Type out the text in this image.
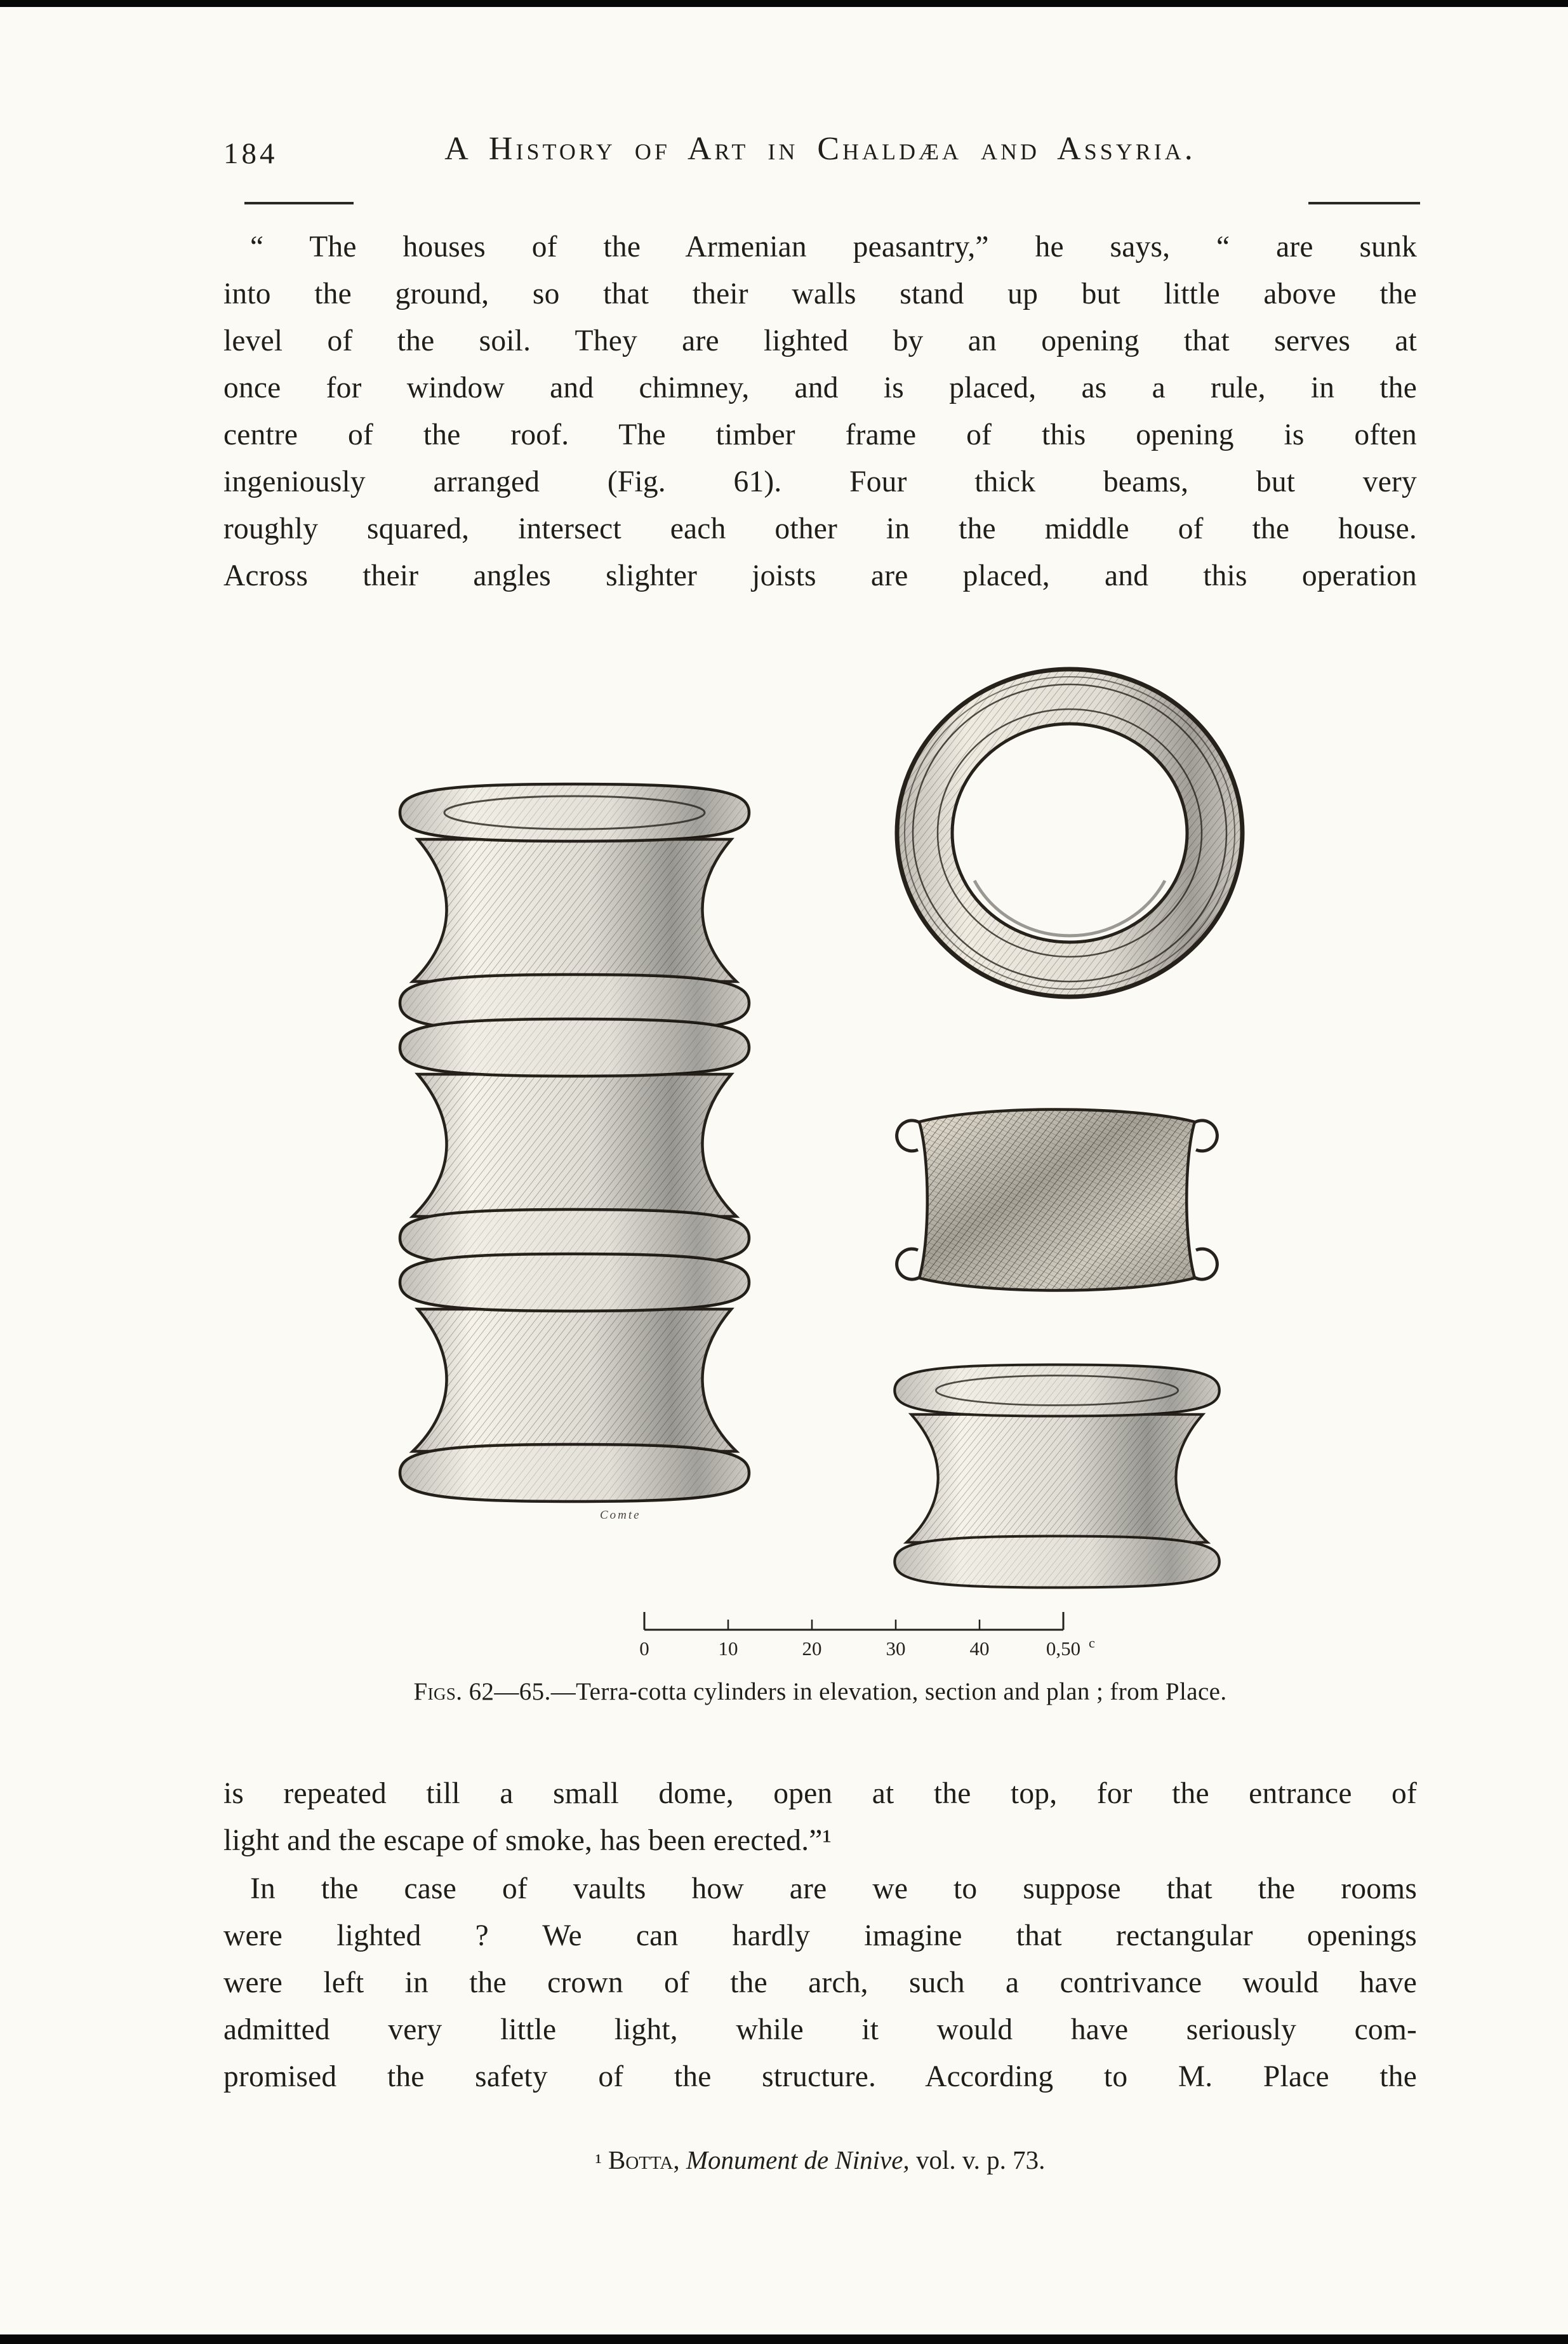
184	A History of Art in Chaldæa and Assyria.
“ The houses of the Armenian peasantry,” he says, “ are sunk
into the ground, so that their walls stand up but little above the
level of the soil. They are lighted by an opening that serves at
once for window and chimney, and is placed, as a rule, in the
centre of the roof. The timber frame of this opening is often
ingeniously arranged (Fig. 61). Four thick beams, but very
roughly squared, intersect each other in the middle of the house.
Across their angles slighter joists are placed, and this operation
Comte
0	10	20	30	40	0,50 c
Figs. 62—65.—Terra-cotta cylinders in elevation, section and plan ; from Place.
is repeated till a small dome, open at the top, for the entrance of
light and the escape of smoke, has been erected.”¹
In the case of vaults how are we to suppose that the rooms
were lighted ? We can hardly imagine that rectangular openings
were left in the crown of the arch, such a contrivance would have
admitted very little light, while it would have seriously com-
promised the safety of the structure. According to M. Place the
¹ Botta, Monument de Ninive, vol. v. p. 73.
